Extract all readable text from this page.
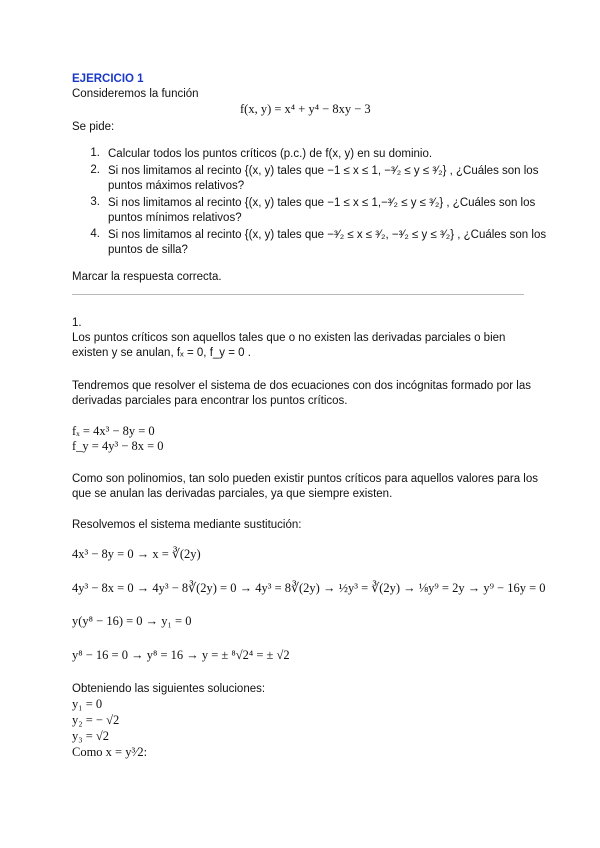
EJERCICIO 1
Consideremos la función
f(x, y) = x⁴ + y⁴ − 8xy − 3
Se pide:
1. Calcular todos los puntos críticos (p.c.) de f(x, y) en su dominio.
2. Si nos limitamos al recinto {(x, y) tales que −1 ≤ x ≤ 1, −³⁄₂ ≤ y ≤ ³⁄₂} , ¿Cuáles son los
puntos máximos relativos?
3. Si nos limitamos al recinto {(x, y) tales que −1 ≤ x ≤ 1,−³⁄₂ ≤ y ≤ ³⁄₂} , ¿Cuáles son los
puntos mínimos relativos?
4. Si nos limitamos al recinto {(x, y) tales que −³⁄₂ ≤ x ≤ ³⁄₂, −³⁄₂ ≤ y ≤ ³⁄₂} , ¿Cuáles son los
puntos de silla?
Marcar la respuesta correcta.
1.
Los puntos críticos son aquellos tales que o no existen las derivadas parciales o bien
existen y se anulan, fₓ = 0, f_y = 0 .
Tendremos que resolver el sistema de dos ecuaciones con dos incógnitas formado por las
derivadas parciales para encontrar los puntos críticos.
fₓ = 4x³ − 8y = 0
f_y = 4y³ − 8x = 0
Como son polinomios, tan solo pueden existir puntos críticos para aquellos valores para los
que se anulan las derivadas parciales, ya que siempre existen.
Resolvemos el sistema mediante sustitución:
4x³ − 8y = 0 → x = ∛(2y)
4y³ − 8x = 0 → 4y³ − 8∛(2y) = 0 → 4y³ = 8∛(2y) → ½y³ = ∛(2y) → ⅛y⁹ = 2y → y⁹ − 16y = 0
y(y⁸ − 16) = 0 → y₁ = 0
y⁸ − 16 = 0 → y⁸ = 16 → y = ± ⁸√2⁴ = ± √2
Obteniendo las siguientes soluciones:
y₁ = 0
y₂ = − √2
y₃ = √2
Como x = y³⁄2:
